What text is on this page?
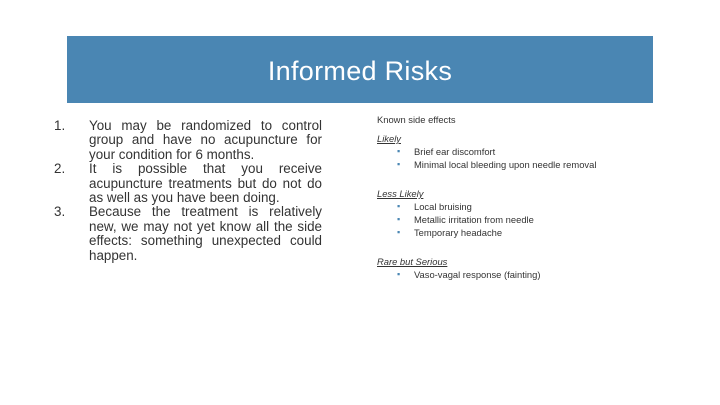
Informed Risks
1. You may be randomized to control group and have no acupuncture for your condition for 6 months.
2. It is possible that you receive acupuncture treatments but do not do as well as you have been doing.
3. Because the treatment is relatively new, we may not yet know all the side effects: something unexpected could happen.
Known side effects
Likely
▪ Brief ear discomfort
▪ Minimal local bleeding upon needle removal
Less Likely
▪ Local bruising
▪ Metallic irritation from needle
▪ Temporary headache
Rare but Serious
▪ Vaso-vagal response (fainting)
